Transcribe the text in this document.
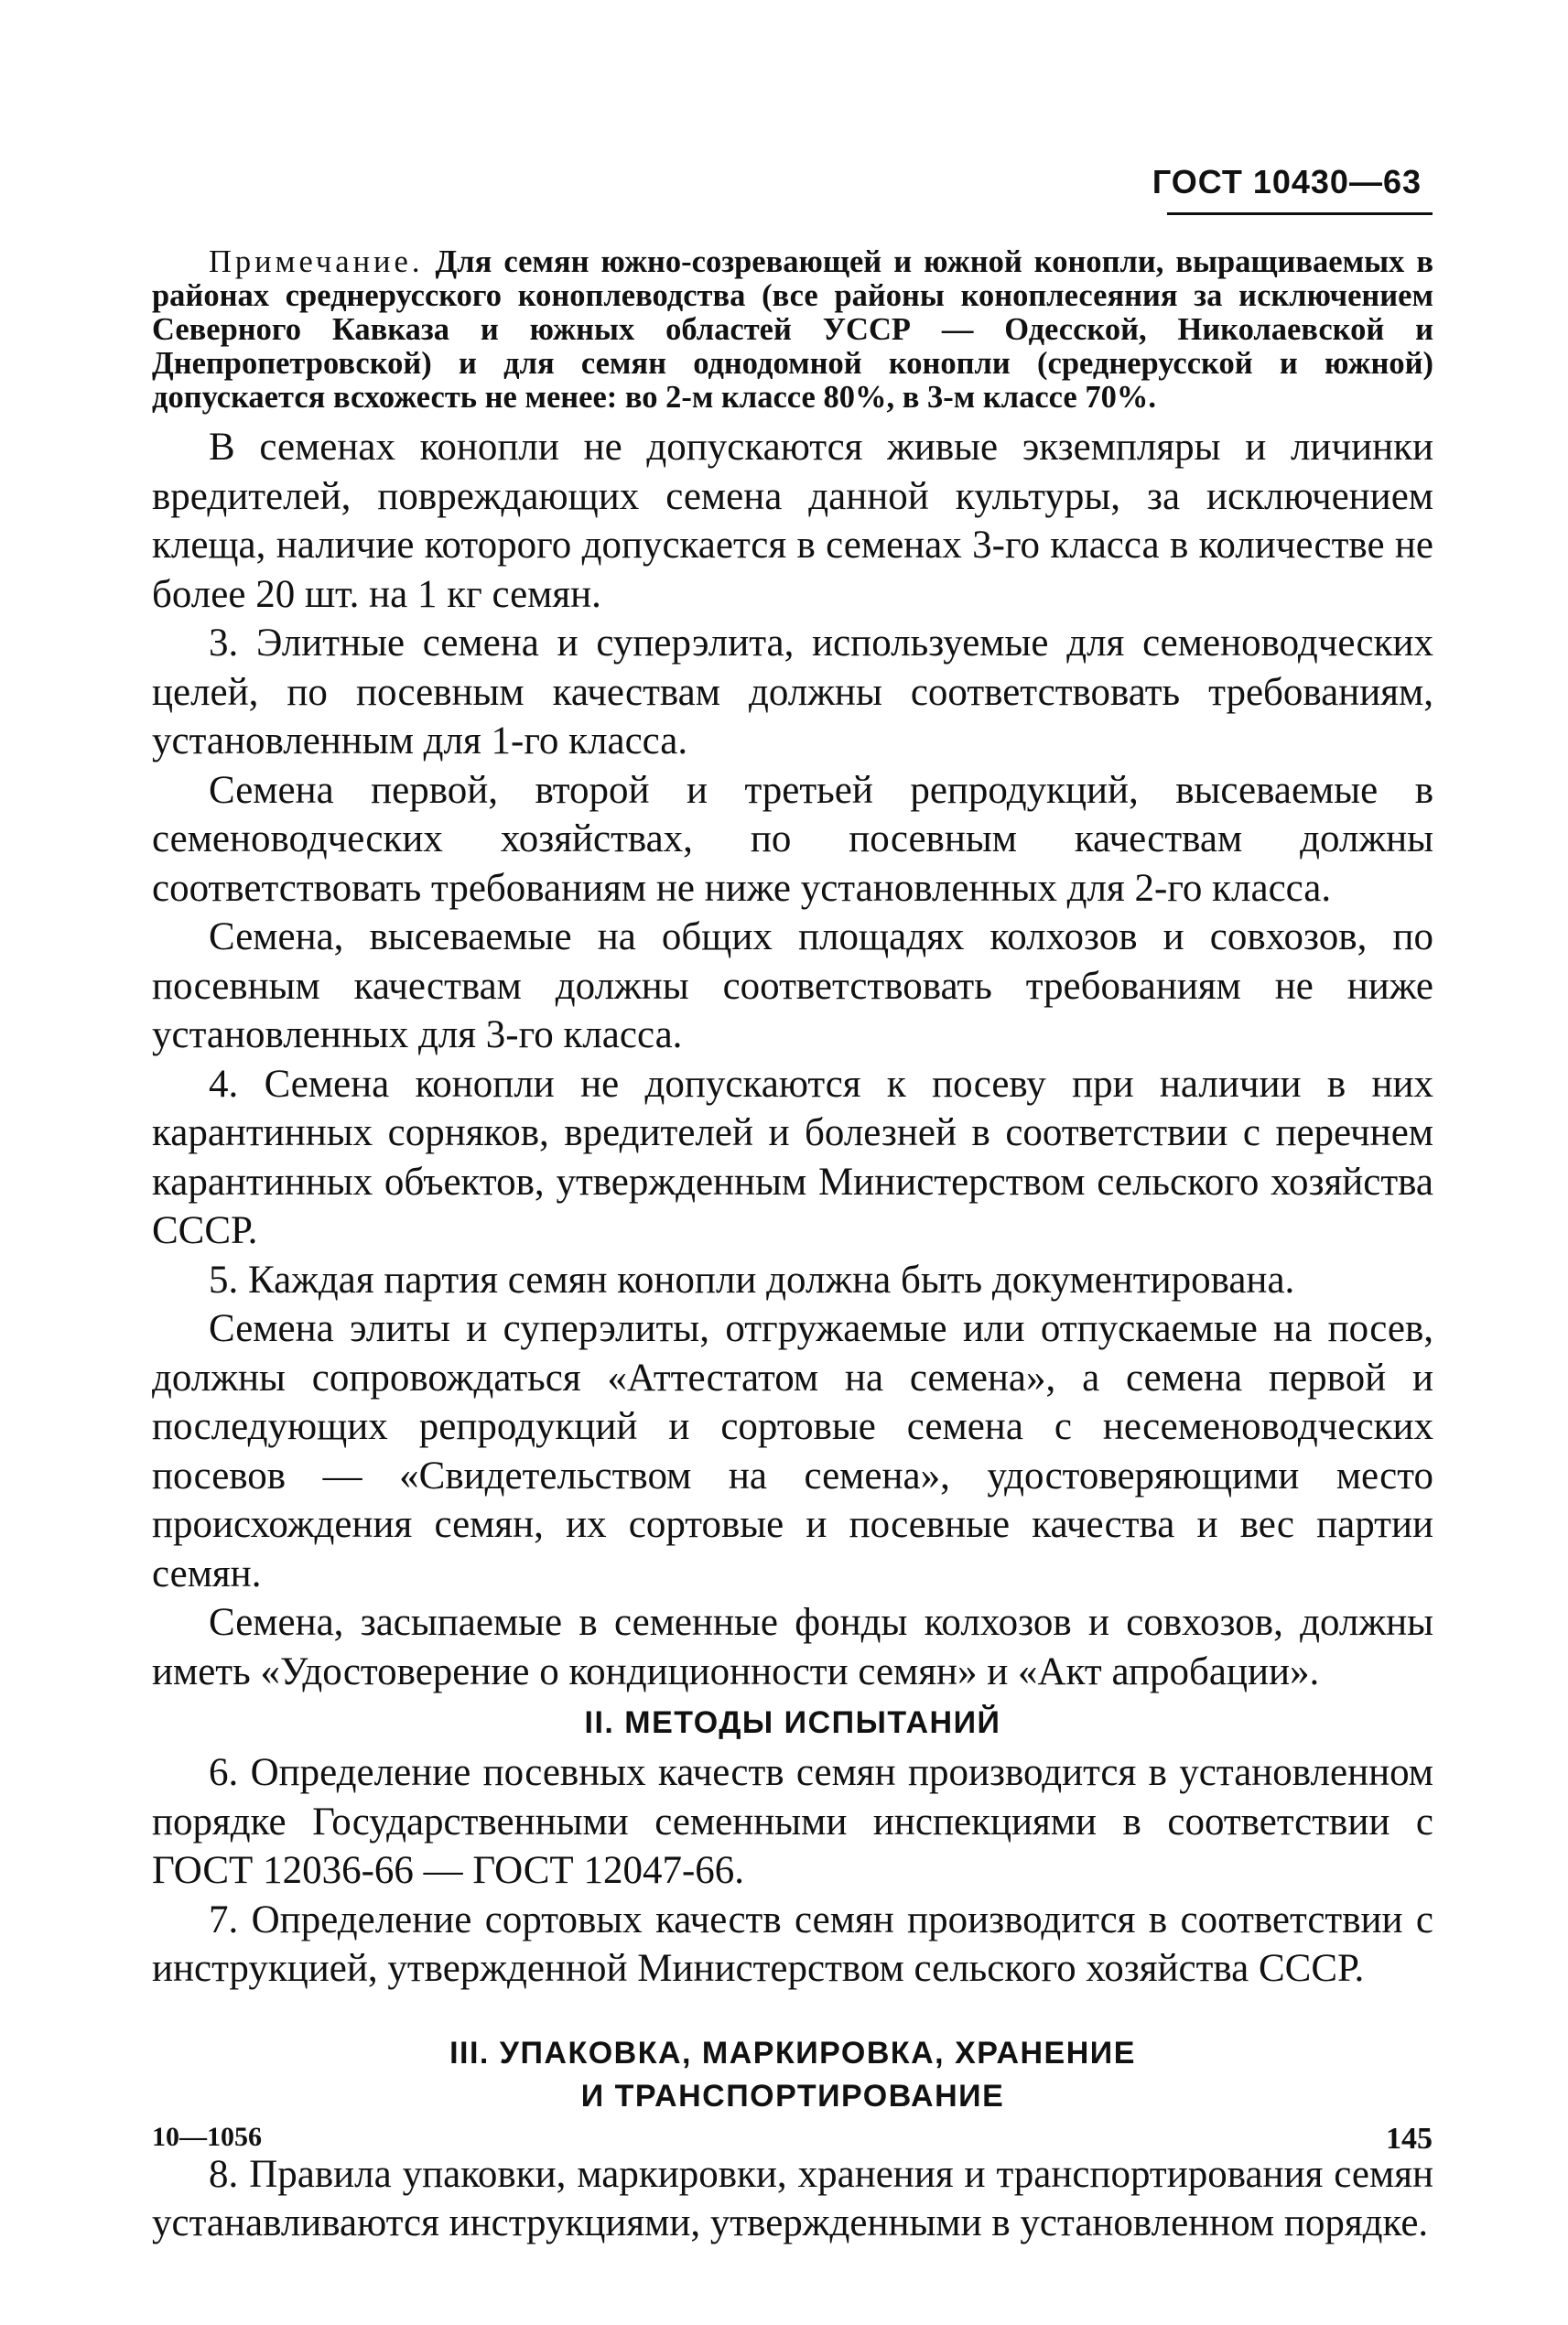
ГОСТ 10430—63

Примечание. Для семян южно-созревающей и южной конопли, выращиваемых в районах среднерусского коноплеводства (все районы коноплесеяния за исключением Северного Кавказа и южных областей УССР — Одесской, Николаевской и Днепропетровской) и для семян однодомной конопли (среднерусской и южной) допускается всхожесть не менее: во 2-м классе 80%, в 3-м классе 70%.

В семенах конопли не допускаются живые экземпляры и личинки вредителей, повреждающих семена данной культуры, за исключением клеща, наличие которого допускается в семенах 3-го класса в количестве не более 20 шт. на 1 кг семян.

3. Элитные семена и суперэлита, используемые для семеноводческих целей, по посевным качествам должны соответствовать требованиям, установленным для 1-го класса.

Семена первой, второй и третьей репродукций, высеваемые в семеноводческих хозяйствах, по посевным качествам должны соответствовать требованиям не ниже установленных для 2-го класса.

Семена, высеваемые на общих площадях колхозов и совхозов, по посевным качествам должны соответствовать требованиям не ниже установленных для 3-го класса.

4. Семена конопли не допускаются к посеву при наличии в них карантинных сорняков, вредителей и болезней в соответствии с перечнем карантинных объектов, утвержденным Министерством сельского хозяйства СССР.

5. Каждая партия семян конопли должна быть документирована.

Семена элиты и суперэлиты, отгружаемые или отпускаемые на посев, должны сопровождаться «Аттестатом на семена», а семена первой и последующих репродукций и сортовые семена с несеменоводческих посевов — «Свидетельством на семена», удостоверяющими место происхождения семян, их сортовые и посевные качества и вес партии семян.

Семена, засыпаемые в семенные фонды колхозов и совхозов, должны иметь «Удостоверение о кондиционности семян» и «Акт апробации».

II. МЕТОДЫ ИСПЫТАНИЙ

6. Определение посевных качеств семян производится в установленном порядке Государственными семенными инспекциями в соответствии с ГОСТ 12036-66 — ГОСТ 12047-66.

7. Определение сортовых качеств семян производится в соответствии с инструкцией, утвержденной Министерством сельского хозяйства СССР.

III. УПАКОВКА, МАРКИРОВКА, ХРАНЕНИЕ
И ТРАНСПОРТИРОВАНИЕ

8. Правила упаковки, маркировки, хранения и транспортирования семян устанавливаются инструкциями, утвержденными в установленном порядке.

10—1056	145
